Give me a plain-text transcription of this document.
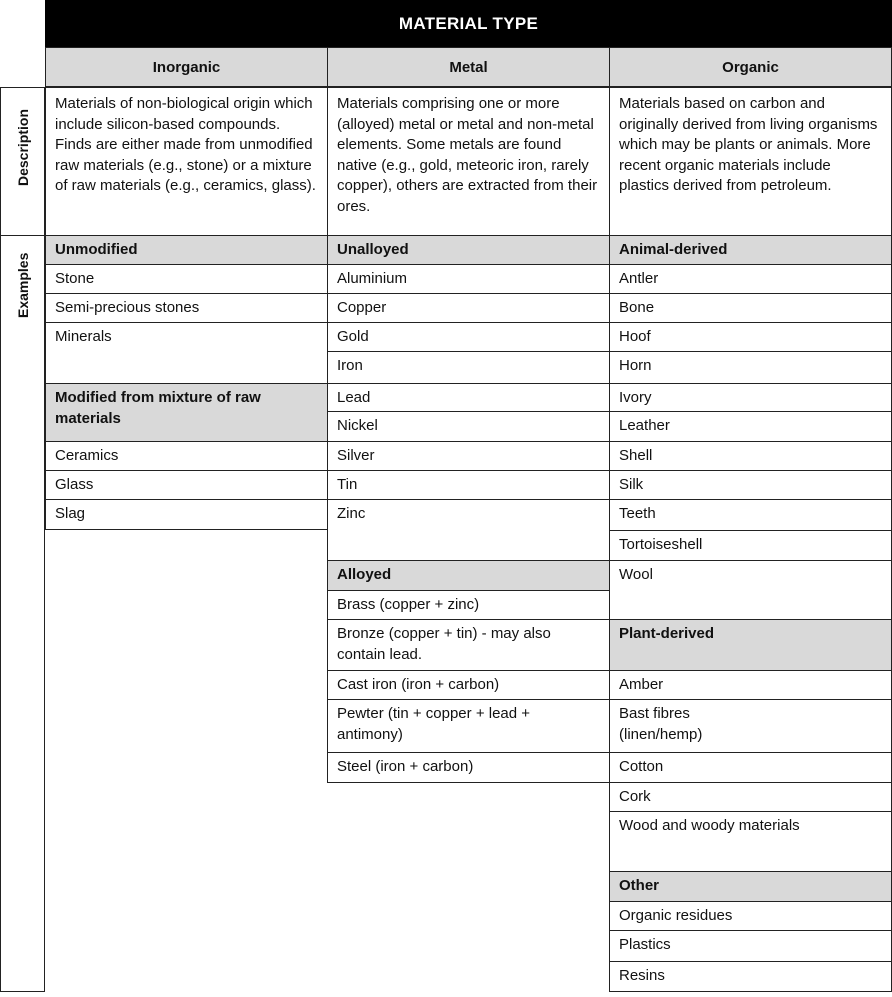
MATERIAL TYPE
Inorganic	Metal	Organic
Description
Examples
Materials of non-biological origin which include silicon-based compounds. Finds are either made from unmodified raw materials (e.g., stone) or a mixture of raw materials (e.g., ceramics, glass).
Materials comprising one or more (alloyed) metal or metal and non-metal elements. Some metals are found native (e.g., gold, meteoric iron, rarely copper), others are extracted from their ores.
Materials based on carbon and originally derived from living organisms which may be plants or animals. More recent organic materials include plastics derived from petroleum.
Unmodified
Stone
Semi-precious stones
Minerals
Modified from mixture of raw materials
Ceramics
Glass
Slag
Unalloyed
Aluminium
Copper
Gold
Iron
Lead
Nickel
Silver
Tin
Zinc
Alloyed
Brass (copper + zinc)
Bronze (copper + tin) - may also contain lead.
Cast iron (iron + carbon)
Pewter (tin + copper + lead + antimony)
Steel (iron + carbon)
Animal-derived
Antler
Bone
Hoof
Horn
Ivory
Leather
Shell
Silk
Teeth
Tortoiseshell
Wool
Plant-derived
Amber
Bast fibres (linen/hemp)
Cotton
Cork
Wood and woody materials
Other
Organic residues
Plastics
Resins
